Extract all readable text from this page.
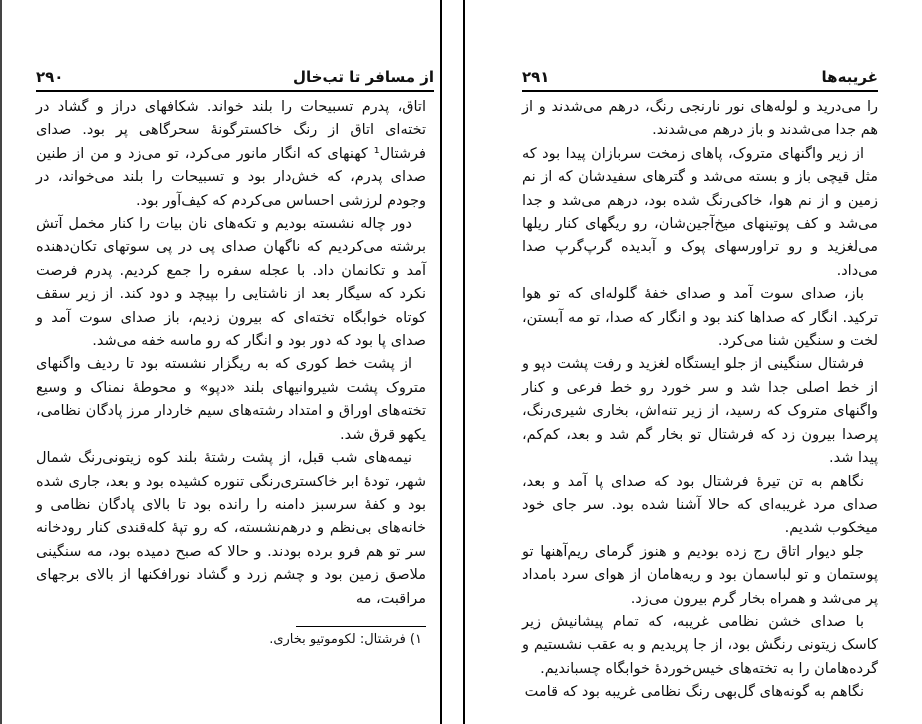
از مسافر تا تب‌خال
۲۹۰

اتاق، پدرم تسبیحات را بلند خواند. شکافهای دراز و گشاد در تخته‌ای اتاق از رنگ خاکسترگونهٔ سحرگاهی پر بود. صدای فرشتال¹ کهنهای که انگار مانور می‌کرد، تو می‌زد و من از طنین صدای پدرم، که خش‌دار بود و تسبیحات را بلند می‌خواند، در وجودم لرزشی احساس می‌کردم که کیف‌آور بود.

دور چاله نشسته بودیم و تکه‌های نان بیات را کنار مخمل آتش برشته می‌کردیم که ناگهان صدای پی در پی سوتهای تکان‌دهنده آمد و تکانمان داد. با عجله سفره را جمع کردیم. پدرم فرصت نکرد که سیگار بعد از ناشتایی را بپیچد و دود کند. از زیر سقف کوتاه خوابگاه تخته‌ای که بیرون زدیم، باز صدای سوت آمد و صدای پا بود که دور بود و انگار که رو ماسه خفه می‌شد.

از پشت خط کوری که به ریگزار نشسته بود تا ردیف واگنهای متروک پشت شیروانیهای بلند «دپو» و محوطهٔ نمناک و وسیع تخته‌های اوراق و امتداد رشته‌های سیم خاردار مرز پادگان نظامی، یکهو قرق شد.

نیمه‌های شب قبل، از پشت رشتهٔ بلند کوه زیتونی‌رنگ شمال شهر، تودهٔ ابر خاکستری‌رنگی تنوره کشیده بود و بعد، جاری شده بود و کفهٔ سرسبز دامنه را رانده بود تا بالای پادگان نظامی و خانه‌های بی‌نظم و درهم‌نشسته، که رو تپهٔ کله‌قندی کنار رودخانه سر تو هم فرو برده بودند. و حالا که صبح دمیده بود، مه سنگینی ملاصق زمین بود و چشم زرد و گشاد نورافکنها از بالای برجهای مراقبت، مه

۱) فرشتال: لکوموتیو بخاری.
غریبه‌ها
۲۹۱

را می‌درید و لوله‌های نور نارنجی رنگ، درهم می‌شدند و از هم جدا می‌شدند و باز درهم می‌شدند.

از زیر واگنهای متروک، پاهای زمخت سربازان پیدا بود که مثل قیچی باز و بسته می‌شد و گترهای سفیدشان که از نم زمین و از نم هوا، خاکی‌رنگ شده بود، درهم می‌شد و جدا می‌شد و کف پوتینهای میخ‌آجین‌شان، رو ریگهای کنار ریلها می‌لغزید و رو تراورسهای پوک و آبدیده گرپ‌گرپ صدا می‌داد.

باز، صدای سوت آمد و صدای خفهٔ گلوله‌ای که تو هوا ترکید. انگار که صداها کند بود و انگار که صدا، تو مه آبستن، لخت و سنگین شنا می‌کرد.

فرشتال سنگینی از جلو ایستگاه لغزید و رفت پشت دپو و از خط اصلی جدا شد و سر خورد رو خط فرعی و کنار واگنهای متروک که رسید، از زیر تنه‌اش، بخاری شیری‌رنگ، پرصدا بیرون زد که فرشتال تو بخار گم شد و بعد، کم‌کم، پیدا شد.

نگاهم به تن تیرهٔ فرشتال بود که صدای پا آمد و بعد، صدای مرد غریبه‌ای که حالا آشنا شده بود. سر جای خود میخکوب شدیم.

جلو دیوار اتاق رج زده بودیم و هنوز گرمای ریم‌آهنها تو پوستمان و تو لباسمان بود و ریه‌هامان از هوای سرد بامداد پر می‌شد و همراه بخار گرم بیرون می‌زد.

با صدای خشن نظامی غریبه، که تمام پیشانیش زیر کاسک زیتونی رنگش بود، از جا پریدیم و به عقب نشستیم و گرده‌هامان را به تخته‌های خیس‌خوردهٔ خوابگاه چسباندیم.

نگاهم به گونه‌های گل‌بهی رنگ نظامی غریبه بود که قامت
